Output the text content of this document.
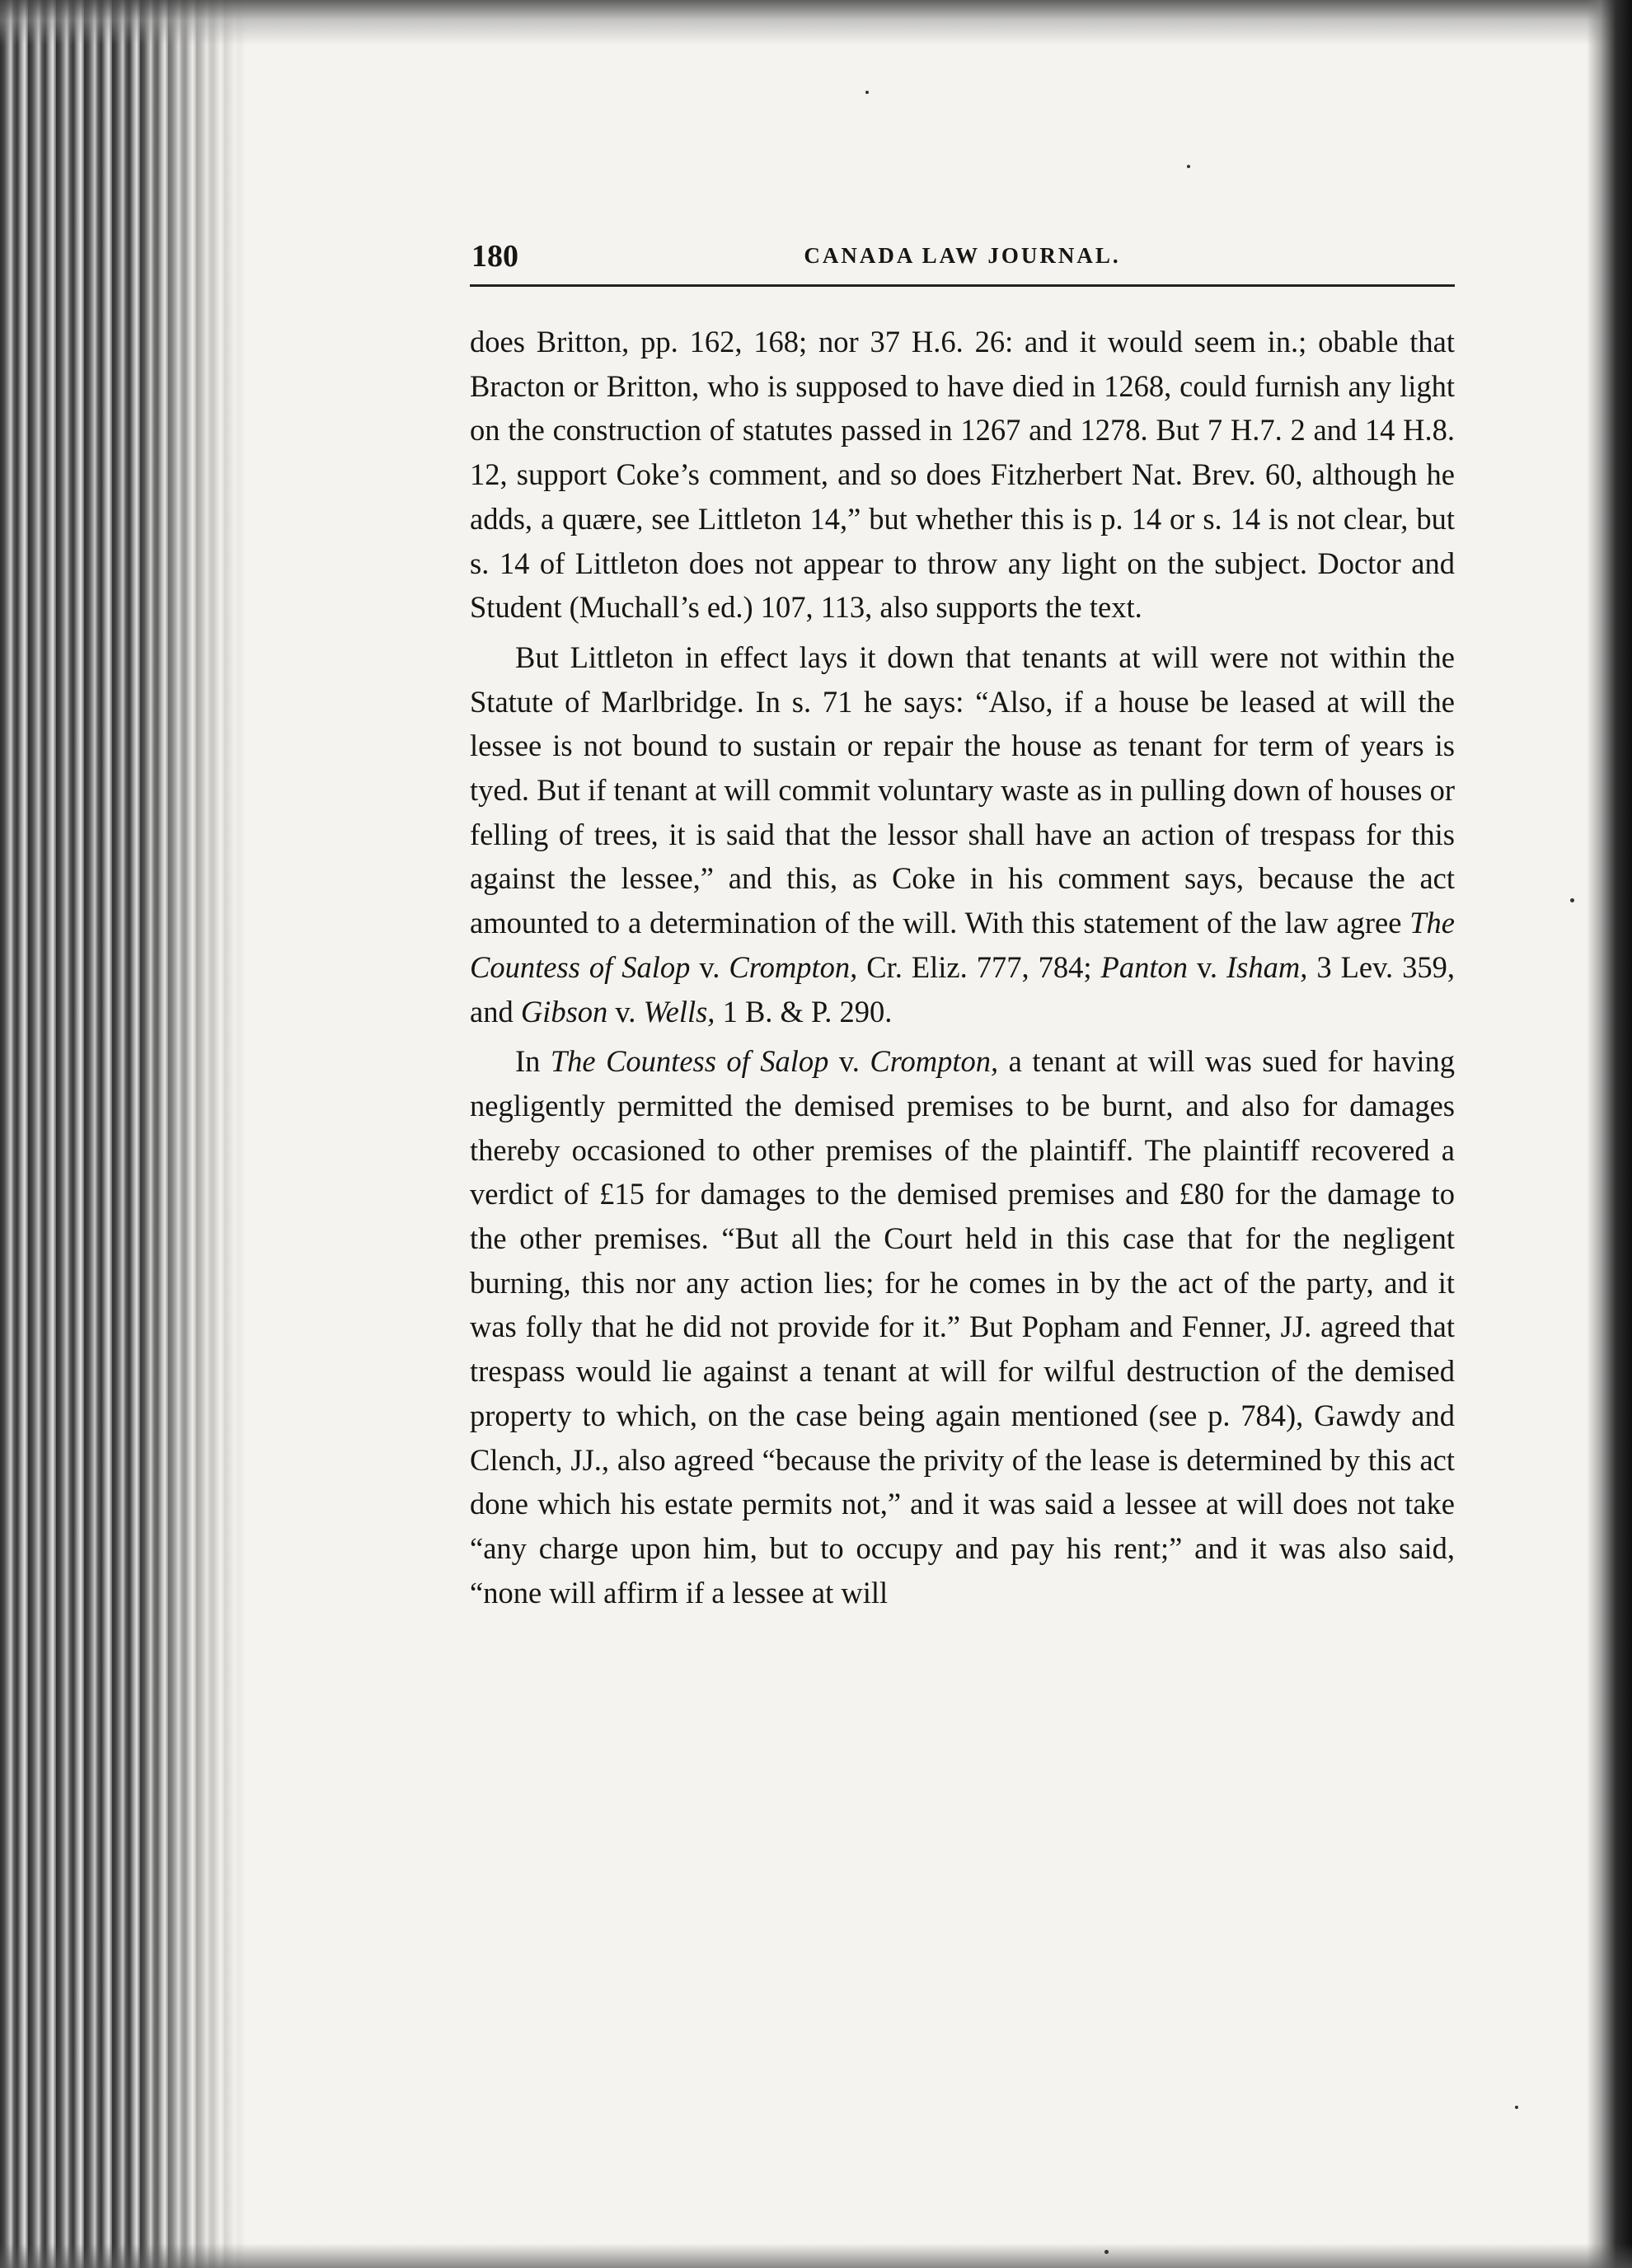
180	CANADA LAW JOURNAL.

does Britton, pp. 162, 168; nor 37 H.6. 26: and it would seem in.; obable that Bracton or Britton, who is supposed to have died in 1268, could furnish any light on the construction of statutes passed in 1267 and 1278. But 7 H.7. 2 and 14 H.8. 12, support Coke’s comment, and so does Fitzherbert Nat. Brev. 60, although he adds, a quære, see Littleton 14,” but whether this is p. 14 or s. 14 is not clear, but s. 14 of Littleton does not appear to throw any light on the subject. Doctor and Student (Muchall’s ed.) 107, 113, also supports the text.

But Littleton in effect lays it down that tenants at will were not within the Statute of Marlbridge. In s. 71 he says: “Also, if a house be leased at will the lessee is not bound to sustain or repair the house as tenant for term of years is tyed. But if tenant at will commit voluntary waste as in pulling down of houses or felling of trees, it is said that the lessor shall have an action of trespass for this against the lessee,” and this, as Coke in his comment says, because the act amounted to a determination of the will. With this statement of the law agree The Countess of Salop v. Crompton, Cr. Eliz. 777, 784; Panton v. Isham, 3 Lev. 359, and Gibson v. Wells, 1 B. & P. 290.

In The Countess of Salop v. Crompton, a tenant at will was sued for having negligently permitted the demised premises to be burnt, and also for damages thereby occasioned to other premises of the plaintiff. The plaintiff recovered a verdict of £15 for damages to the demised premises and £80 for the damage to the other premises. “But all the Court held in this case that for the negligent burning, this nor any action lies; for he comes in by the act of the party, and it was folly that he did not provide for it.” But Popham and Fenner, JJ. agreed that trespass would lie against a tenant at will for wilful destruction of the demised property to which, on the case being again mentioned (see p. 784), Gawdy and Clench, JJ., also agreed “because the privity of the lease is determined by this act done which his estate permits not,” and it was said a lessee at will does not take “any charge upon him, but to occupy and pay his rent;” and it was also said, “none will affirm if a lessee at will
